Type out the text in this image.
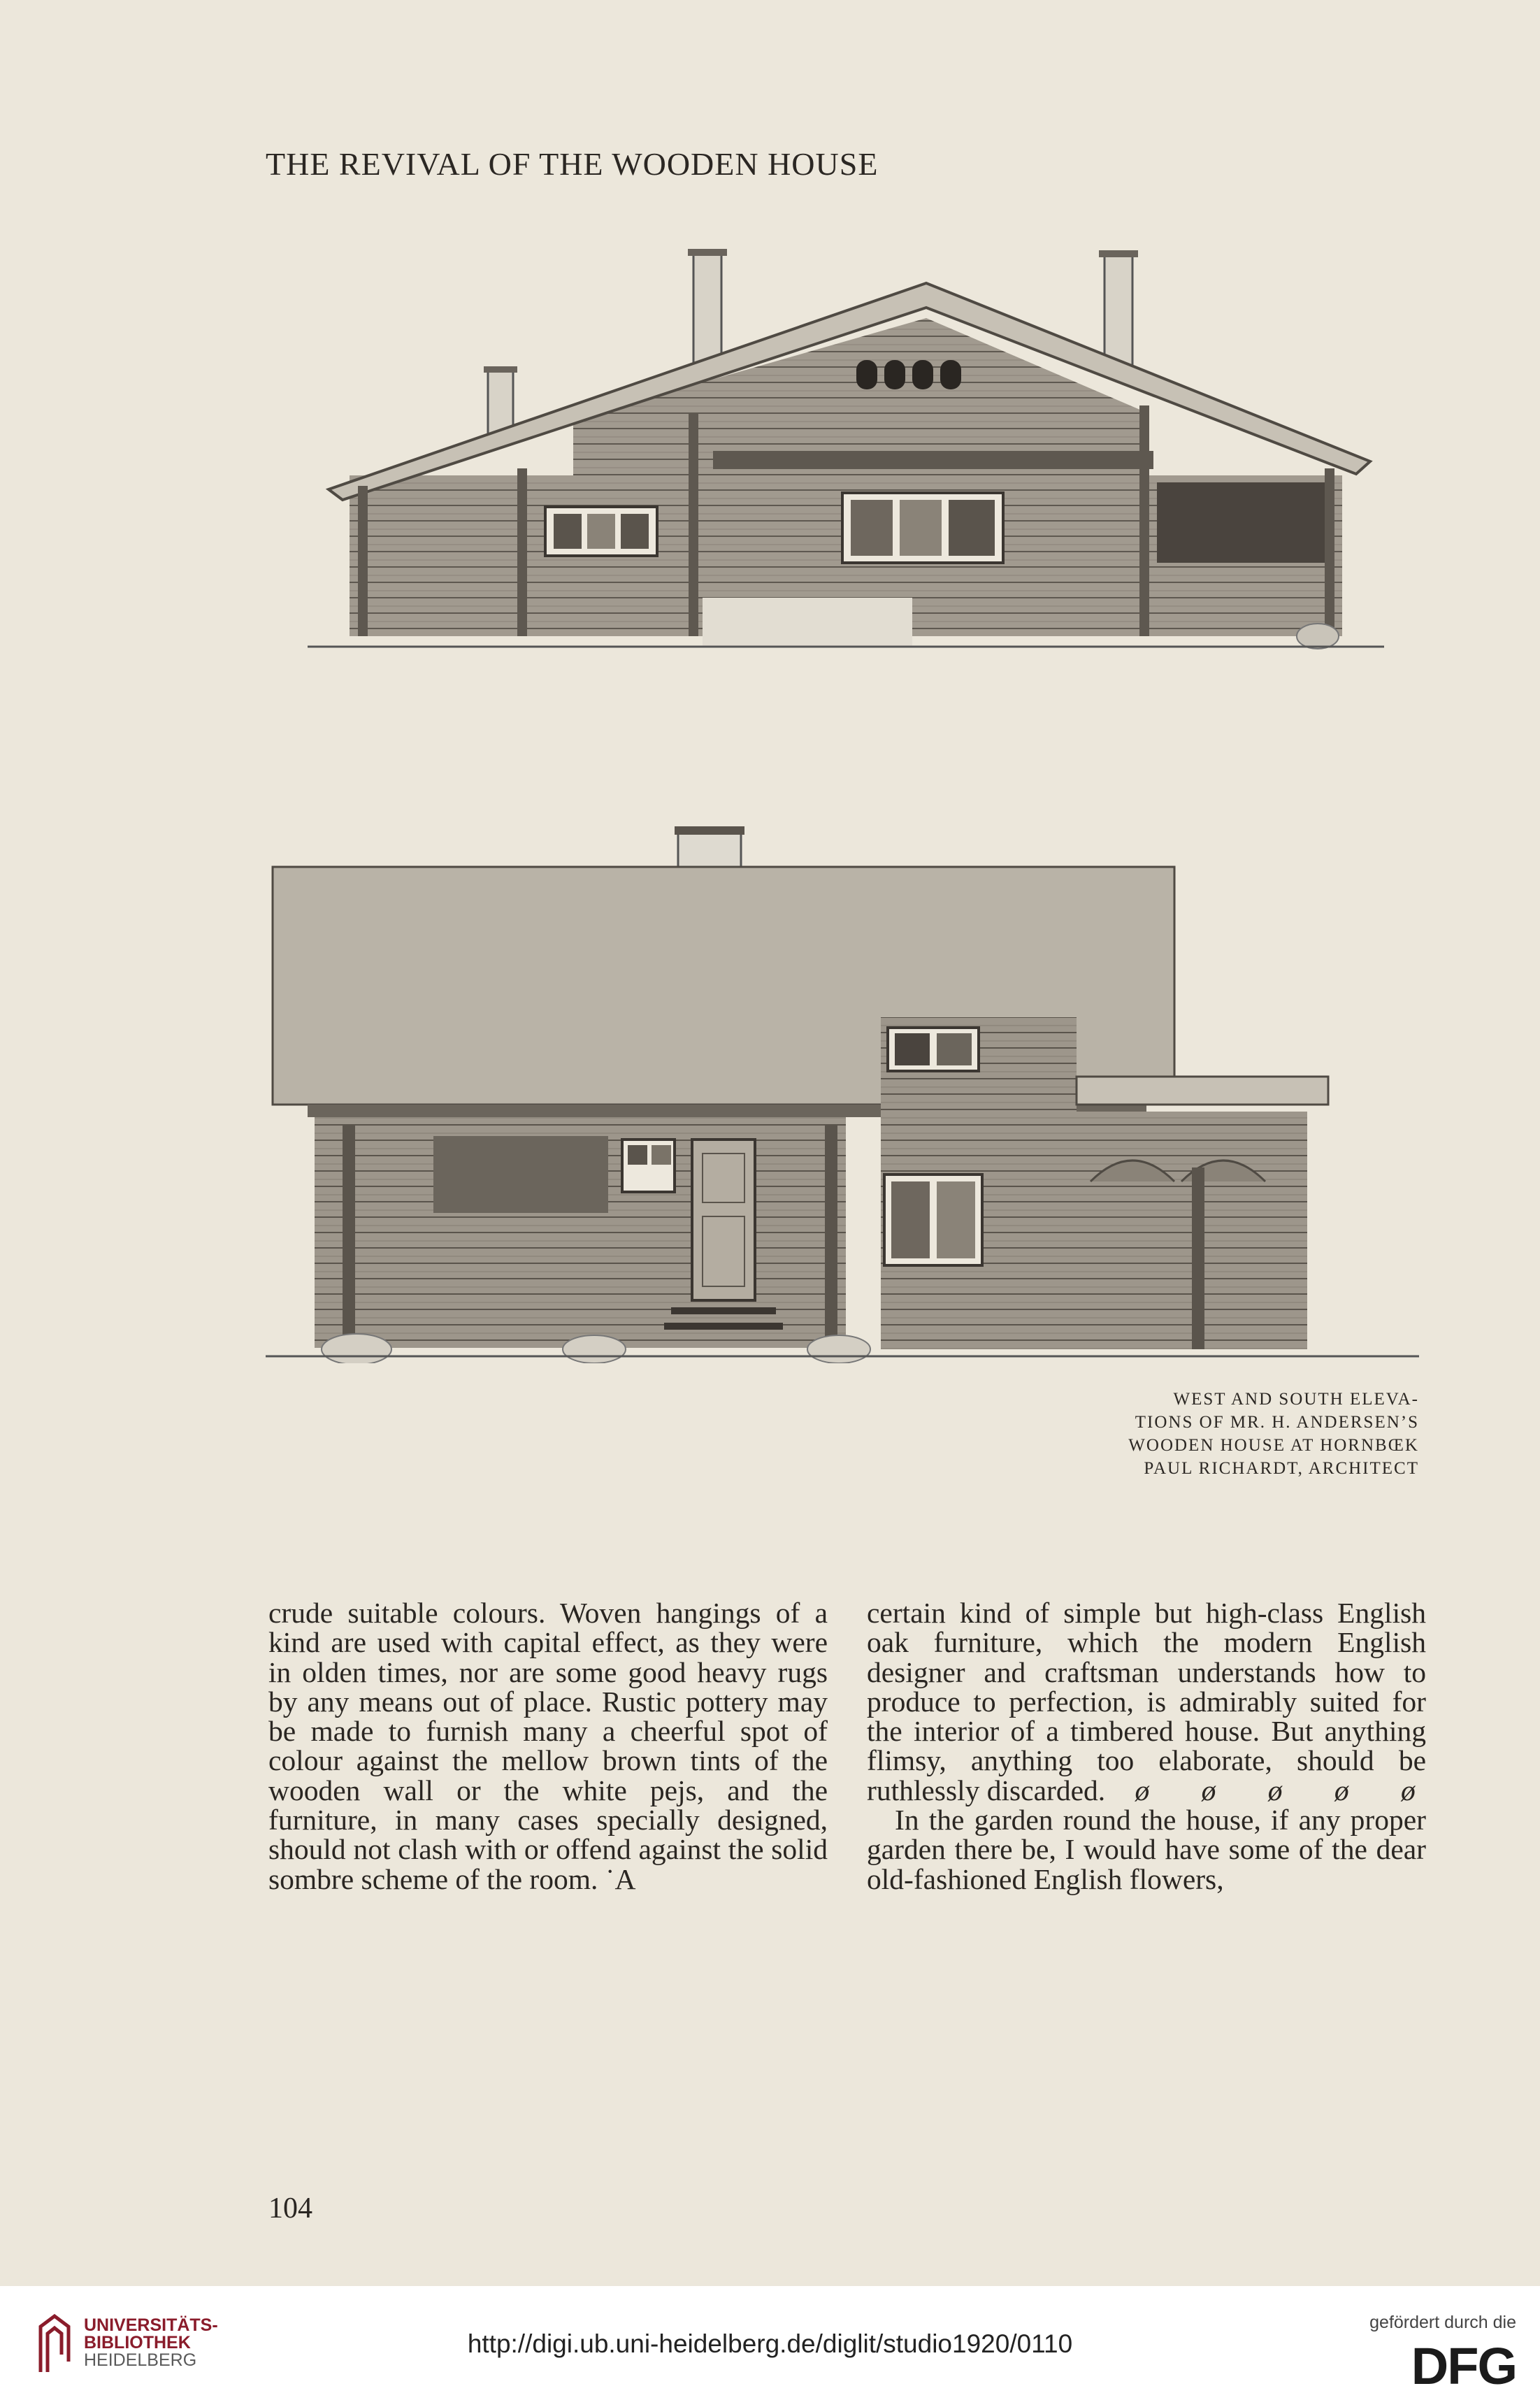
THE REVIVAL OF THE WOODEN HOUSE
WEST AND SOUTH ELEVA-
TIONS OF MR. H. ANDERSEN’S
WOODEN HOUSE AT HORNBŒK
PAUL RICHARDT, ARCHITECT

crude suitable colours. Woven hangings of a kind are used with capital effect, as they were in olden times, nor are some good heavy rugs by any means out of place. Rustic pottery may be made to furnish many a cheerful spot of colour against the mellow brown tints of the wooden wall or the white pejs, and the furniture, in many cases specially designed, should not clash with or offend against the solid sombre scheme of the room. ˙A

certain kind of simple but high-class English oak furniture, which the modern English designer and craftsman understands how to produce to perfection, is admirably suited for the interior of a timbered house. But anything flimsy, anything too elaborate, should be ruthlessly discarded. ø ø ø ø ø

In the garden round the house, if any proper garden there be, I would have some of the dear old-fashioned English flowers,

104
UNIVERSITÄTS-
BIBLIOTHEK
HEIDELBERG
http://digi.ub.uni-heidelberg.de/diglit/studio1920/0110
gefördert durch die
DFG
